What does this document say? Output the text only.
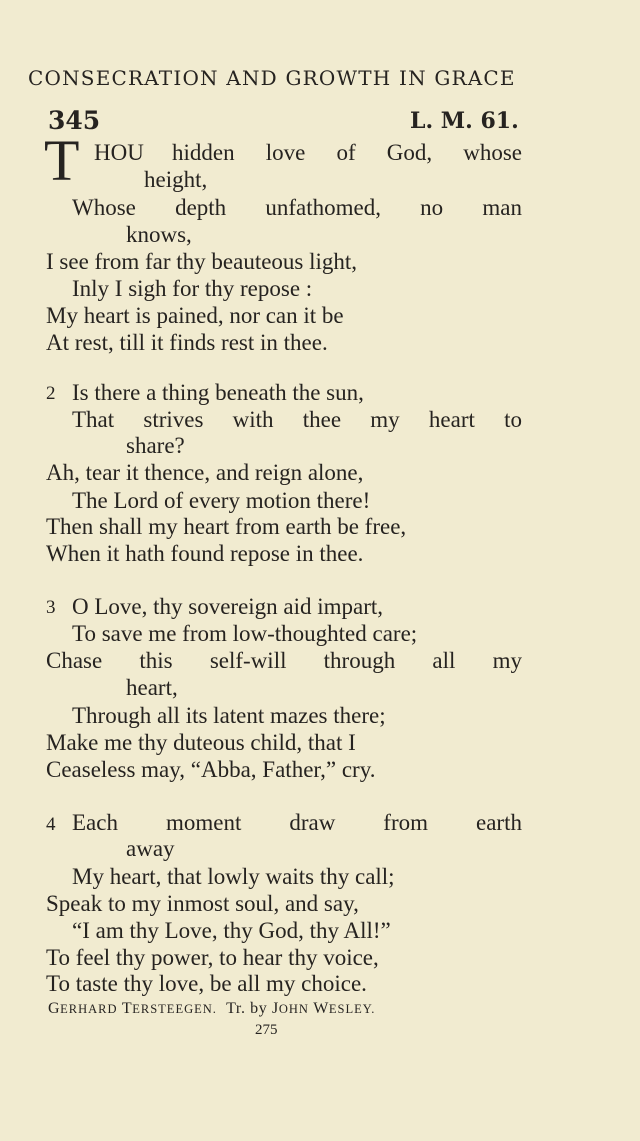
CONSECRATION AND GROWTH IN GRACE
345	L. M. 61.
T HOU hidden love of God, whose
height,
Whose depth unfathomed, no man
knows,
I see from far thy beauteous light,
Inly I sigh for thy repose :
My heart is pained, nor can it be
At rest, till it finds rest in thee.
2 Is there a thing beneath the sun,
That strives with thee my heart to
share?
Ah, tear it thence, and reign alone,
The Lord of every motion there!
Then shall my heart from earth be free,
When it hath found repose in thee.
3 O Love, thy sovereign aid impart,
To save me from low-thoughted care;
Chase this self-will through all my
heart,
Through all its latent mazes there;
Make me thy duteous child, that I
Ceaseless may, “Abba, Father,” cry.
4 Each moment draw from earth
away
My heart, that lowly waits thy call;
Speak to my inmost soul, and say,
“I am thy Love, thy God, thy All!”
To feel thy power, to hear thy voice,
To taste thy love, be all my choice.
GERHARD TERSTEEGEN. Tr. by JOHN WESLEY.
275
